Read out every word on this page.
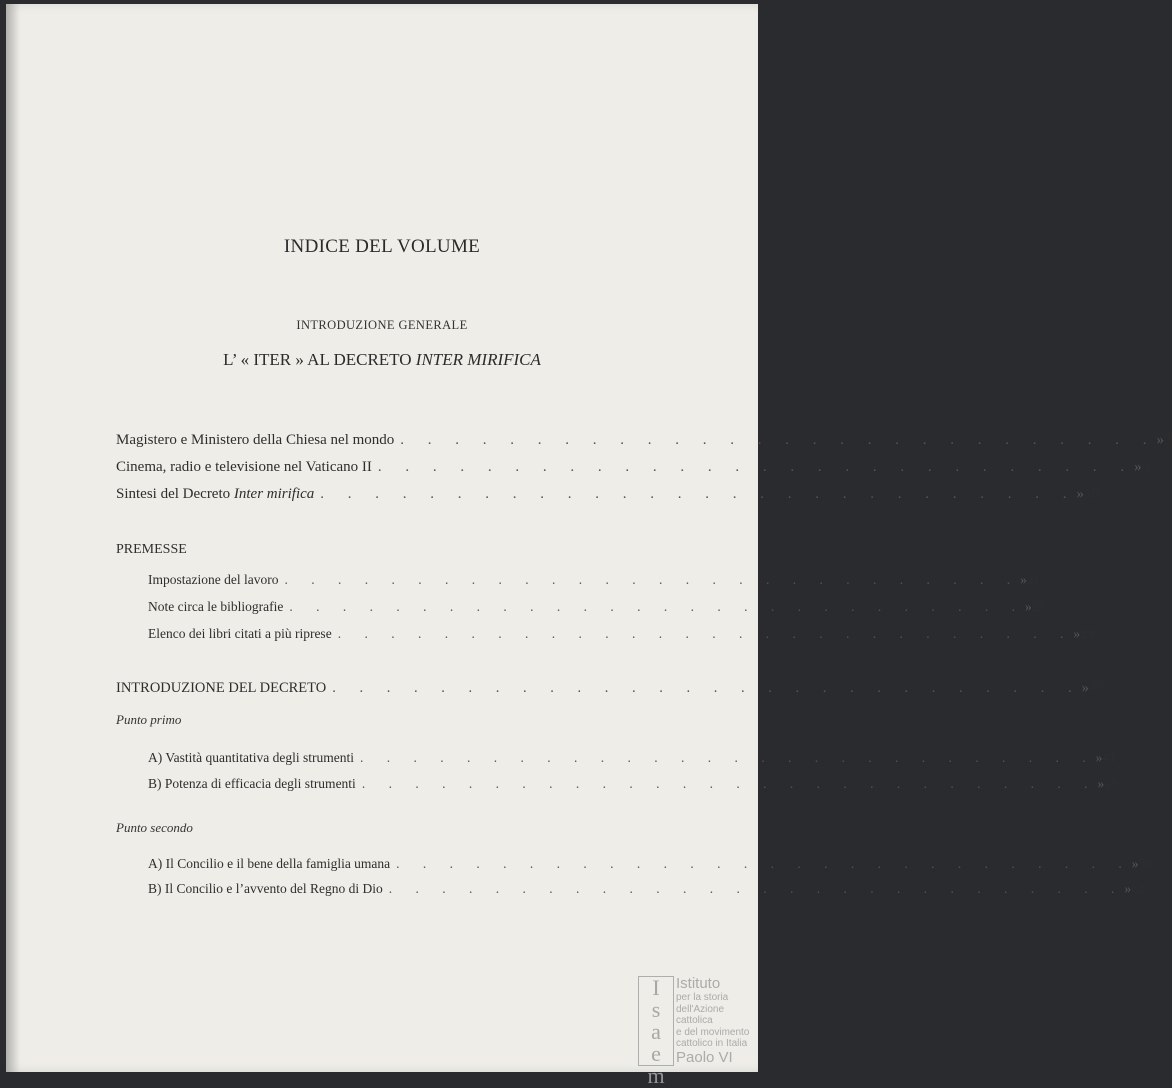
INDICE DEL VOLUME
INTRODUZIONE GENERALE
L’ « ITER » AL DECRETO INTER MIRIFICA
Magistero e Ministero della Chiesa nel mondo . . . . . . . . . . . . . . . . . . . . . . . . . . . . » 3
Cinema, radio e televisione nel Vaticano II . . . . . . . . . . . . . . . . . . . . . . . . . . . . » 9
Sintesi del Decreto Inter mirifica . . . . . . . . . . . . . . . . . . . . . . . . . . . . » 15
PREMESSE
Impostazione del lavoro . . . . . . . . . . . . . . . . . . . . . . . . . . . . » 21
Note circa le bibliografie . . . . . . . . . . . . . . . . . . . . . . . . . . . . » 25
Elenco dei libri citati a più riprese . . . . . . . . . . . . . . . . . . . . . . . . . . . . » 29
INTRODUZIONE DEL DECRETO . . . . . . . . . . . . . . . . . . . . . . . . . . . . » 37
Punto primo
A) Vastità quantitativa degli strumenti . . . . . . . . . . . . . . . . . . . . . . . . . . . . » 41
B) Potenza di efficacia degli strumenti . . . . . . . . . . . . . . . . . . . . . . . . . . . . » 49
Punto secondo
A) Il Concilio e il bene della famiglia umana . . . . . . . . . . . . . . . . . . . . . . . . . . . . » 59
B) Il Concilio e l’avvento del Regno di Dio . . . . . . . . . . . . . . . . . . . . . . . . . . . . » 62
I
s
a
e
m
Istituto
per la storia
dell'Azione cattolica
e del movimento
cattolico in Italia
Paolo VI
